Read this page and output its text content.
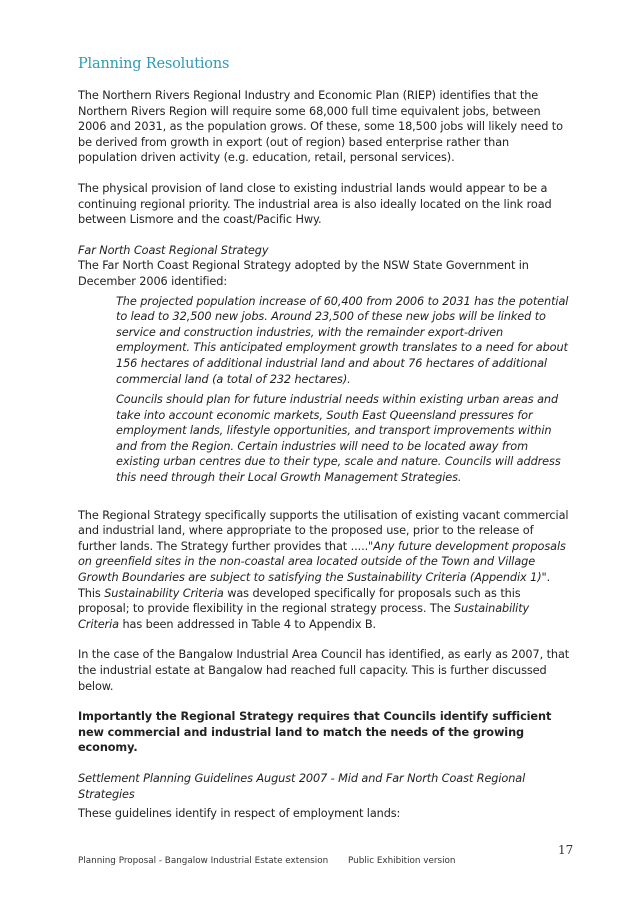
Planning Resolutions

The Northern Rivers Regional Industry and Economic Plan (RIEP) identifies that the Northern Rivers Region will require some 68,000 full time equivalent jobs, between 2006 and 2031, as the population grows. Of these, some 18,500 jobs will likely need to be derived from growth in export (out of region) based enterprise rather than population driven activity (e.g. education, retail, personal services).

The physical provision of land close to existing industrial lands would appear to be a continuing regional priority. The industrial area is also ideally located on the link road between Lismore and the coast/Pacific Hwy.

Far North Coast Regional Strategy

The Far North Coast Regional Strategy adopted by the NSW State Government in December 2006 identified:

The projected population increase of 60,400 from 2006 to 2031 has the potential to lead to 32,500 new jobs. Around 23,500 of these new jobs will be linked to service and construction industries, with the remainder export-driven employment. This anticipated employment growth translates to a need for about 156 hectares of additional industrial land and about 76 hectares of additional commercial land (a total of 232 hectares).

Councils should plan for future industrial needs within existing urban areas and take into account economic markets, South East Queensland pressures for employment lands, lifestyle opportunities, and transport improvements within and from the Region. Certain industries will need to be located away from existing urban centres due to their type, scale and nature. Councils will address this need through their Local Growth Management Strategies.

The Regional Strategy specifically supports the utilisation of existing vacant commercial and industrial land, where appropriate to the proposed use, prior to the release of further lands. The Strategy further provides that ....."Any future development proposals on greenfield sites in the non-coastal area located outside of the Town and Village Growth Boundaries are subject to satisfying the Sustainability Criteria (Appendix 1)". This Sustainability Criteria was developed specifically for proposals such as this proposal; to provide flexibility in the regional strategy process. The Sustainability Criteria has been addressed in Table 4 to Appendix B.

In the case of the Bangalow Industrial Area Council has identified, as early as 2007, that the industrial estate at Bangalow had reached full capacity. This is further discussed below.

Importantly the Regional Strategy requires that Councils identify sufficient new commercial and industrial land to match the needs of the growing economy.

Settlement Planning Guidelines August 2007 - Mid and Far North Coast Regional Strategies

These guidelines identify in respect of employment lands:

17
Planning Proposal - Bangalow Industrial Estate extension Public Exhibition version
